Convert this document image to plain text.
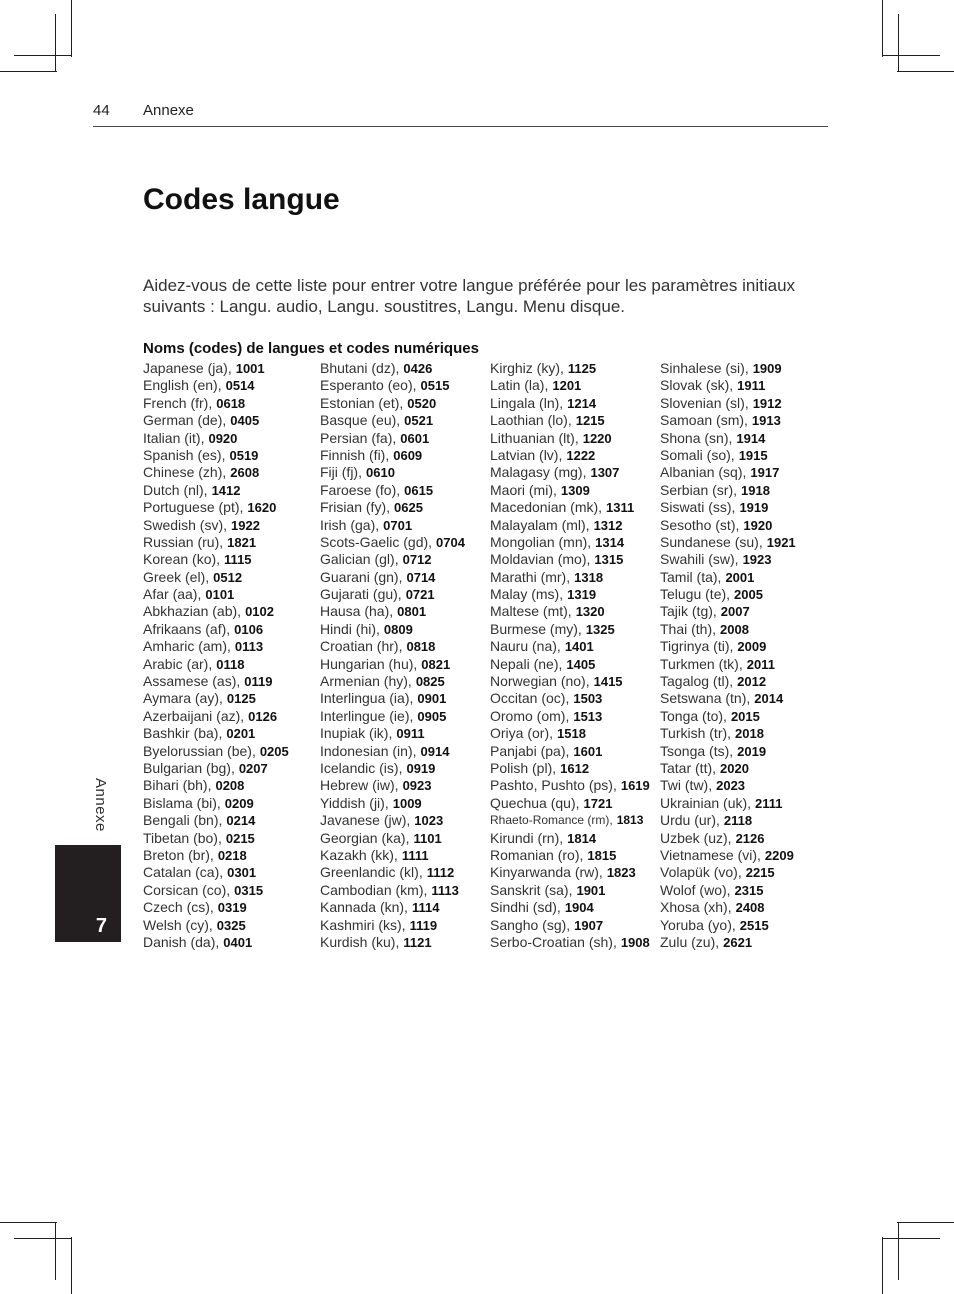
44 Annexe
Codes langue

Aidez-vous de cette liste pour entrer votre langue préférée pour les paramètres initiaux suivants : Langu. audio, Langu. soustitres, Langu. Menu disque.

Noms (codes) de langues et codes numériques
Japanese (ja), 1001
English (en), 0514
French (fr), 0618
German (de), 0405
Italian (it), 0920
Spanish (es), 0519
Chinese (zh), 2608
Dutch (nl), 1412
Portuguese (pt), 1620
Swedish (sv), 1922
Russian (ru), 1821
Korean (ko), 1115
Greek (el), 0512
Afar (aa), 0101
Abkhazian (ab), 0102
Afrikaans (af), 0106
Amharic (am), 0113
Arabic (ar), 0118
Assamese (as), 0119
Aymara (ay), 0125
Azerbaijani (az), 0126
Bashkir (ba), 0201
Byelorussian (be), 0205
Bulgarian (bg), 0207
Bihari (bh), 0208
Bislama (bi), 0209
Bengali (bn), 0214
Tibetan (bo), 0215
Breton (br), 0218
Catalan (ca), 0301
Corsican (co), 0315
Czech (cs), 0319
Welsh (cy), 0325
Danish (da), 0401
Bhutani (dz), 0426
Esperanto (eo), 0515
Estonian (et), 0520
Basque (eu), 0521
Persian (fa), 0601
Finnish (fi), 0609
Fiji (fj), 0610
Faroese (fo), 0615
Frisian (fy), 0625
Irish (ga), 0701
Scots-Gaelic (gd), 0704
Galician (gl), 0712
Guarani (gn), 0714
Gujarati (gu), 0721
Hausa (ha), 0801
Hindi (hi), 0809
Croatian (hr), 0818
Hungarian (hu), 0821
Armenian (hy), 0825
Interlingua (ia), 0901
Interlingue (ie), 0905
Inupiak (ik), 0911
Indonesian (in), 0914
Icelandic (is), 0919
Hebrew (iw), 0923
Yiddish (ji), 1009
Javanese (jw), 1023
Georgian (ka), 1101
Kazakh (kk), 1111
Greenlandic (kl), 1112
Cambodian (km), 1113
Kannada (kn), 1114
Kashmiri (ks), 1119
Kurdish (ku), 1121
Kirghiz (ky), 1125
Latin (la), 1201
Lingala (ln), 1214
Laothian (lo), 1215
Lithuanian (lt), 1220
Latvian (lv), 1222
Malagasy (mg), 1307
Maori (mi), 1309
Macedonian (mk), 1311
Malayalam (ml), 1312
Mongolian (mn), 1314
Moldavian (mo), 1315
Marathi (mr), 1318
Malay (ms), 1319
Maltese (mt), 1320
Burmese (my), 1325
Nauru (na), 1401
Nepali (ne), 1405
Norwegian (no), 1415
Occitan (oc), 1503
Oromo (om), 1513
Oriya (or), 1518
Panjabi (pa), 1601
Polish (pl), 1612
Pashto, Pushto (ps), 1619
Quechua (qu), 1721
Rhaeto-Romance (rm), 1813
Kirundi (rn), 1814
Romanian (ro), 1815
Kinyarwanda (rw), 1823
Sanskrit (sa), 1901
Sindhi (sd), 1904
Sangho (sg), 1907
Serbo-Croatian (sh), 1908
Sinhalese (si), 1909
Slovak (sk), 1911
Slovenian (sl), 1912
Samoan (sm), 1913
Shona (sn), 1914
Somali (so), 1915
Albanian (sq), 1917
Serbian (sr), 1918
Siswati (ss), 1919
Sesotho (st), 1920
Sundanese (su), 1921
Swahili (sw), 1923
Tamil (ta), 2001
Telugu (te), 2005
Tajik (tg), 2007
Thai (th), 2008
Tigrinya (ti), 2009
Turkmen (tk), 2011
Tagalog (tl), 2012
Setswana (tn), 2014
Tonga (to), 2015
Turkish (tr), 2018
Tsonga (ts), 2019
Tatar (tt), 2020
Twi (tw), 2023
Ukrainian (uk), 2111
Urdu (ur), 2118
Uzbek (uz), 2126
Vietnamese (vi), 2209
Volapük (vo), 2215
Wolof (wo), 2315
Xhosa (xh), 2408
Yoruba (yo), 2515
Zulu (zu), 2621
Annexe
7
